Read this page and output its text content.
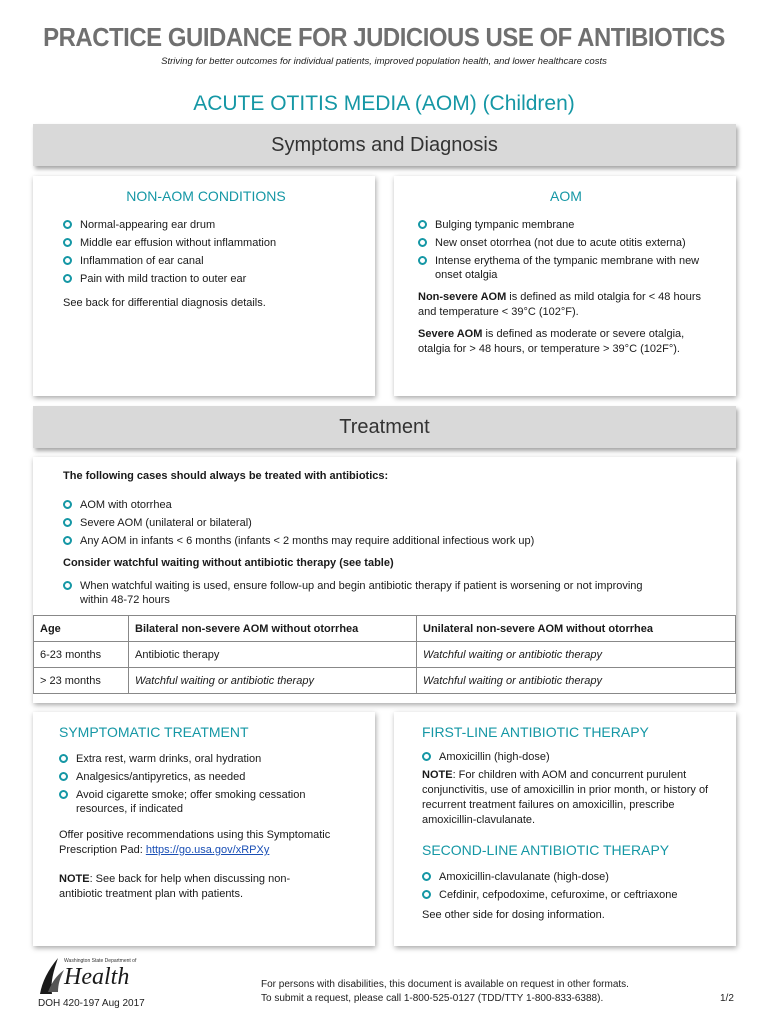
PRACTICE GUIDANCE FOR JUDICIOUS USE OF ANTIBIOTICS
Striving for better outcomes for individual patients, improved population health, and lower healthcare costs
ACUTE OTITIS MEDIA (AOM) (Children)
Symptoms and Diagnosis
NON-AOM CONDITIONS
Normal-appearing ear drum
Middle ear effusion without inflammation
Inflammation of ear canal
Pain with mild traction to outer ear
See back for differential diagnosis details.
AOM
Bulging tympanic membrane
New onset otorrhea (not due to acute otitis externa)
Intense erythema of the tympanic membrane with new onset otalgia
Non-severe AOM is defined as mild otalgia for < 48 hours and temperature < 39°C (102°F).
Severe AOM is defined as moderate or severe otalgia, otalgia for > 48 hours, or temperature > 39°C (102F°).
Treatment
The following cases should always be treated with antibiotics:
AOM with otorrhea
Severe AOM (unilateral or bilateral)
Any AOM in infants < 6 months (infants < 2 months may require additional infectious work up)
Consider watchful waiting without antibiotic therapy (see table)
When watchful waiting is used, ensure follow-up and begin antibiotic therapy if patient is worsening or not improving within 48-72 hours
Age	Bilateral non-severe AOM without otorrhea	Unilateral non-severe AOM without otorrhea
6-23 months	Antibiotic therapy	Watchful waiting or antibiotic therapy
> 23 months	Watchful waiting or antibiotic therapy	Watchful waiting or antibiotic therapy
SYMPTOMATIC TREATMENT
Extra rest, warm drinks, oral hydration
Analgesics/antipyretics, as needed
Avoid cigarette smoke; offer smoking cessation resources, if indicated
Offer positive recommendations using this Symptomatic Prescription Pad: https://go.usa.gov/xRPXy
NOTE: See back for help when discussing non-antibiotic treatment plan with patients.
FIRST-LINE ANTIBIOTIC THERAPY
Amoxicillin (high-dose)
NOTE: For children with AOM and concurrent purulent conjunctivitis, use of amoxicillin in prior month, or history of recurrent treatment failures on amoxicillin, prescribe amoxicillin-clavulanate.
SECOND-LINE ANTIBIOTIC THERAPY
Amoxicillin-clavulanate (high-dose)
Cefdinir, cefpodoxime, cefuroxime, or ceftriaxone
See other side for dosing information.
Washington State Department of
Health
DOH 420-197 Aug 2017
For persons with disabilities, this document is available on request in other formats.
To submit a request, please call 1-800-525-0127 (TDD/TTY 1-800-833-6388).	1/2
